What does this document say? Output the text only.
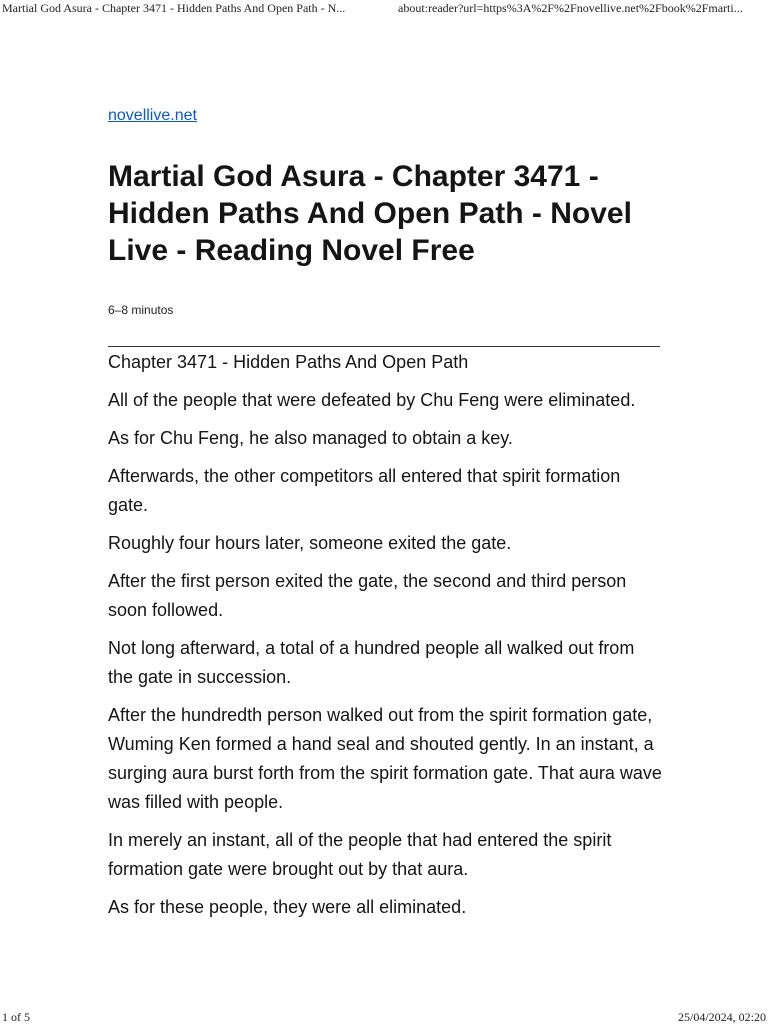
Martial God Asura - Chapter 3471 - Hidden Paths And Open Path - N...	about:reader?url=https%3A%2F%2Fnovellive.net%2Fbook%2Fmarti...
novellive.net
Martial God Asura - Chapter 3471 - Hidden Paths And Open Path - Novel Live - Reading Novel Free
6–8 minutos

Chapter 3471 - Hidden Paths And Open Path

All of the people that were defeated by Chu Feng were eliminated.

As for Chu Feng, he also managed to obtain a key.

Afterwards, the other competitors all entered that spirit formation gate.

Roughly four hours later, someone exited the gate.

After the first person exited the gate, the second and third person soon followed.

Not long afterward, a total of a hundred people all walked out from the gate in succession.

After the hundredth person walked out from the spirit formation gate, Wuming Ken formed a hand seal and shouted gently. In an instant, a surging aura burst forth from the spirit formation gate. That aura wave was filled with people.

In merely an instant, all of the people that had entered the spirit formation gate were brought out by that aura.

As for these people, they were all eliminated.

1 of 5	25/04/2024, 02:20
